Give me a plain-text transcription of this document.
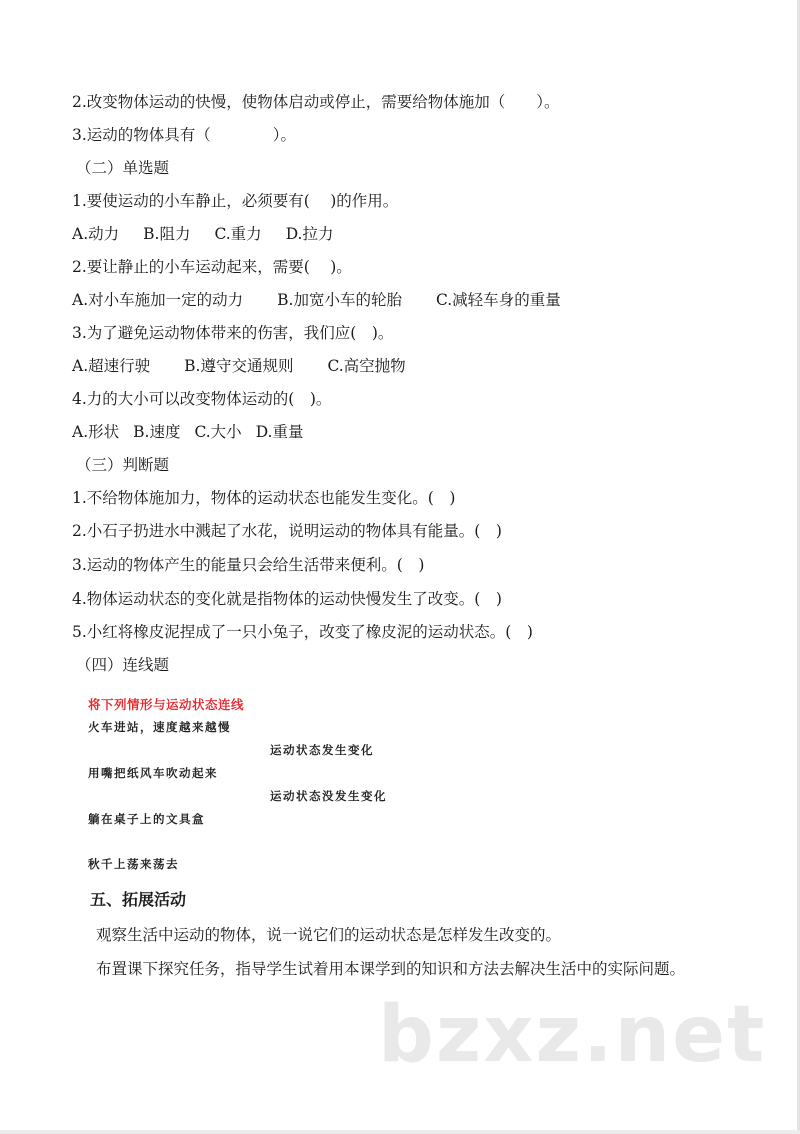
2.改变物体运动的快慢，使物体启动或停止，需要给物体施加（　　）。
3.运动的物体具有（　　　　）。
（二）单选题
1.要使运动的小车静止，必须要有(　 )的作用。
A.动力 B.阻力 C.重力 D.拉力
2.要让静止的小车运动起来，需要(　 )。
A.对小车施加一定的动力 B.加宽小车的轮胎 C.减轻车身的重量
3.为了避免运动物体带来的伤害，我们应(　)。
A.超速行驶 B.遵守交通规则 C.高空抛物
4.力的大小可以改变物体运动的(　)。
A.形状 B.速度 C.大小 D.重量
（三）判断题
1.不给物体施加力，物体的运动状态也能发生变化。(　)
2.小石子扔进水中溅起了水花，说明运动的物体具有能量。(　)
3.运动的物体产生的能量只会给生活带来便利。(　)
4.物体运动状态的变化就是指物体的运动快慢发生了改变。(　)
5.小红将橡皮泥捏成了一只小兔子，改变了橡皮泥的运动状态。(　)
（四）连线题
将下列情形与运动状态连线
火车进站，速度越来越慢
运动状态发生变化
用嘴把纸风车吹动起来
运动状态没发生变化
躺在桌子上的文具盒
秋千上荡来荡去
五、拓展活动
观察生活中运动的物体，说一说它们的运动状态是怎样发生改变的。
布置课下探究任务，指导学生试着用本课学到的知识和方法去解决生活中的实际问题。
bzxz.net
